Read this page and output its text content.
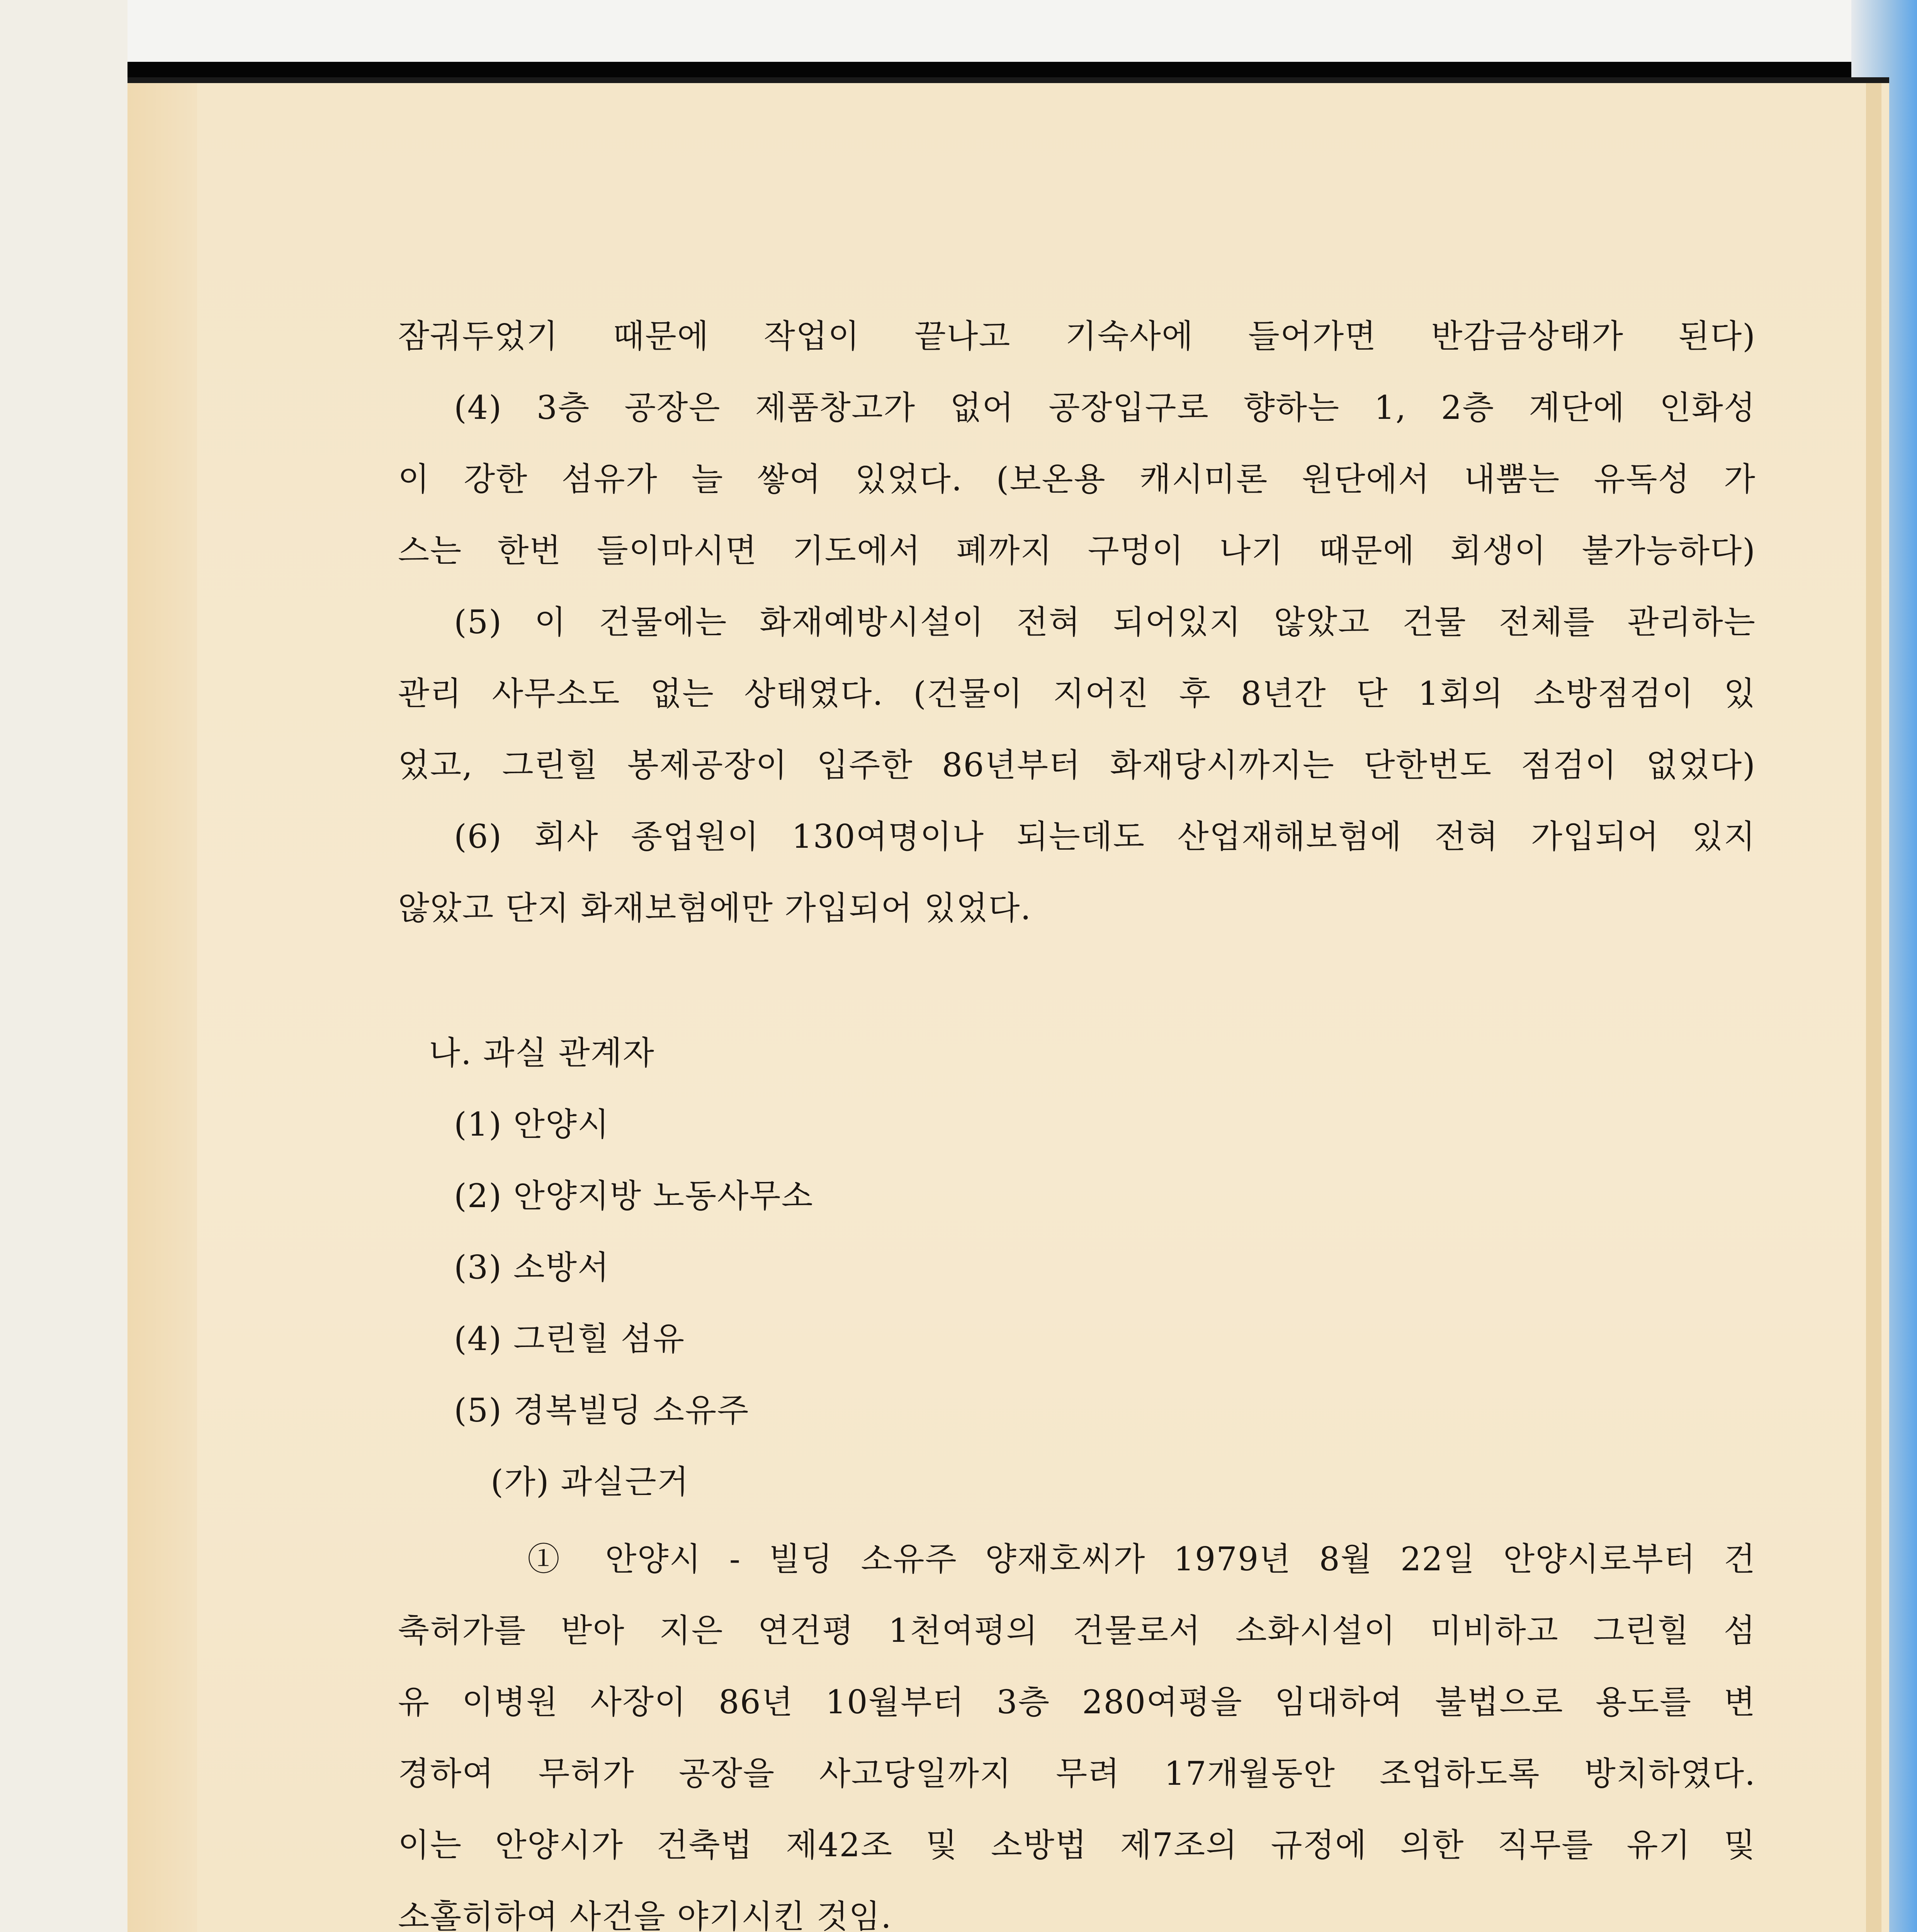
잠궈두었기 때문에 작업이 끝나고 기숙사에 들어가면 반감금상태가 된다)
(4) 3층 공장은 제품창고가 없어 공장입구로 향하는 1, 2층 계단에 인화성
이 강한 섬유가 늘 쌓여 있었다. (보온용 캐시미론 원단에서 내뿜는 유독성 가
스는 한번 들이마시면 기도에서 폐까지 구멍이 나기 때문에 회생이 불가능하다)
(5) 이 건물에는 화재예방시설이 전혀 되어있지 않았고 건물 전체를 관리하는
관리 사무소도 없는 상태였다. (건물이 지어진 후 8년간 단 1회의 소방점검이 있
었고, 그린힐 봉제공장이 입주한 86년부터 화재당시까지는 단한번도 점검이 없었다)
(6) 회사 종업원이 130여명이나 되는데도 산업재해보험에 전혀 가입되어 있지
않았고 단지 화재보험에만 가입되어 있었다.
나. 과실 관계자
(1) 안양시
(2) 안양지방 노동사무소
(3) 소방서
(4) 그린힐 섬유
(5) 경복빌딩 소유주
(가) 과실근거
① 안양시 - 빌딩 소유주 양재호씨가 1979년 8월 22일 안양시로부터 건
축허가를 받아 지은 연건평 1천여평의 건물로서 소화시설이 미비하고 그린힐 섬
유 이병원 사장이 86년 10월부터 3층 280여평을 임대하여 불법으로 용도를 변
경하여 무허가 공장을 사고당일까지 무려 17개월동안 조업하도록 방치하였다.
이는 안양시가 건축법 제42조 및 소방법 제7조의 규정에 의한 직무를 유기 및
소홀히하여 사건을 야기시킨 것임.
